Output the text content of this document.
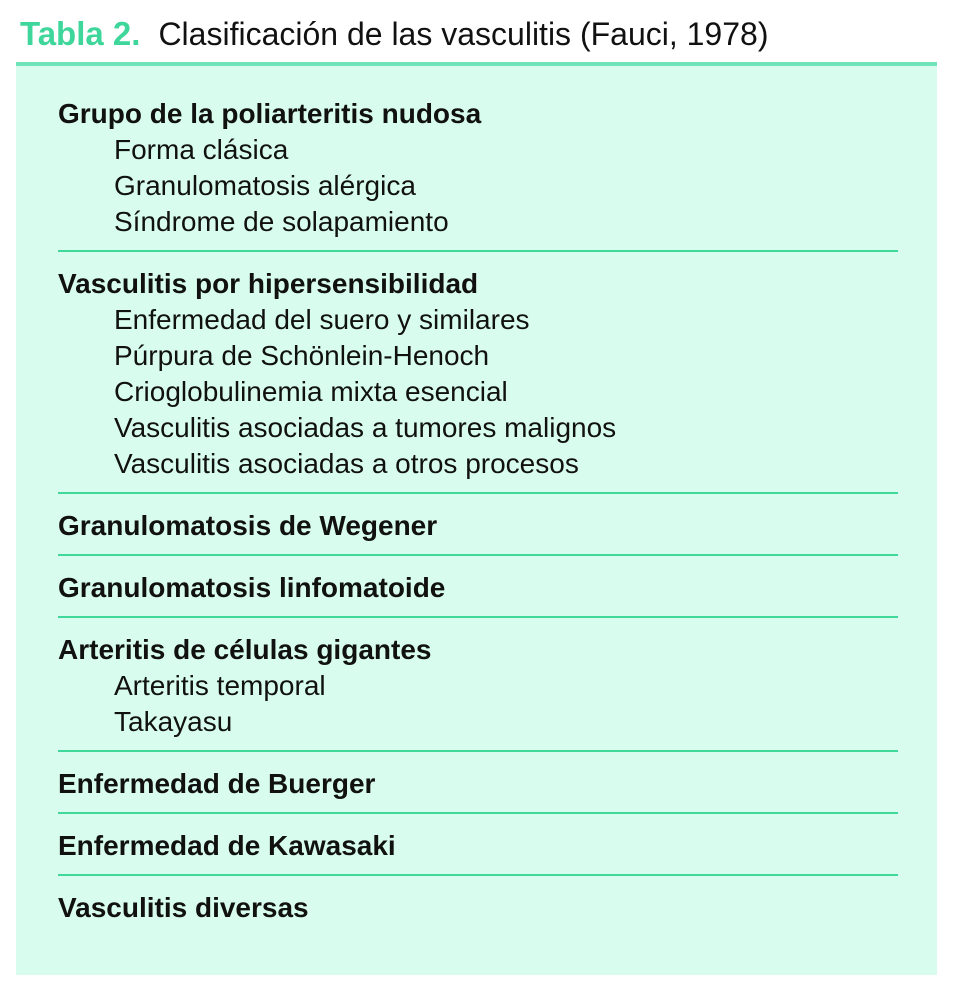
Tabla 2. Clasificación de las vasculitis (Fauci, 1978)
Grupo de la poliarteritis nudosa
Forma clásica
Granulomatosis alérgica
Síndrome de solapamiento
Vasculitis por hipersensibilidad
Enfermedad del suero y similares
Púrpura de Schönlein-Henoch
Crioglobulinemia mixta esencial
Vasculitis asociadas a tumores malignos
Vasculitis asociadas a otros procesos
Granulomatosis de Wegener
Granulomatosis linfomatoide
Arteritis de células gigantes
Arteritis temporal
Takayasu
Enfermedad de Buerger
Enfermedad de Kawasaki
Vasculitis diversas
